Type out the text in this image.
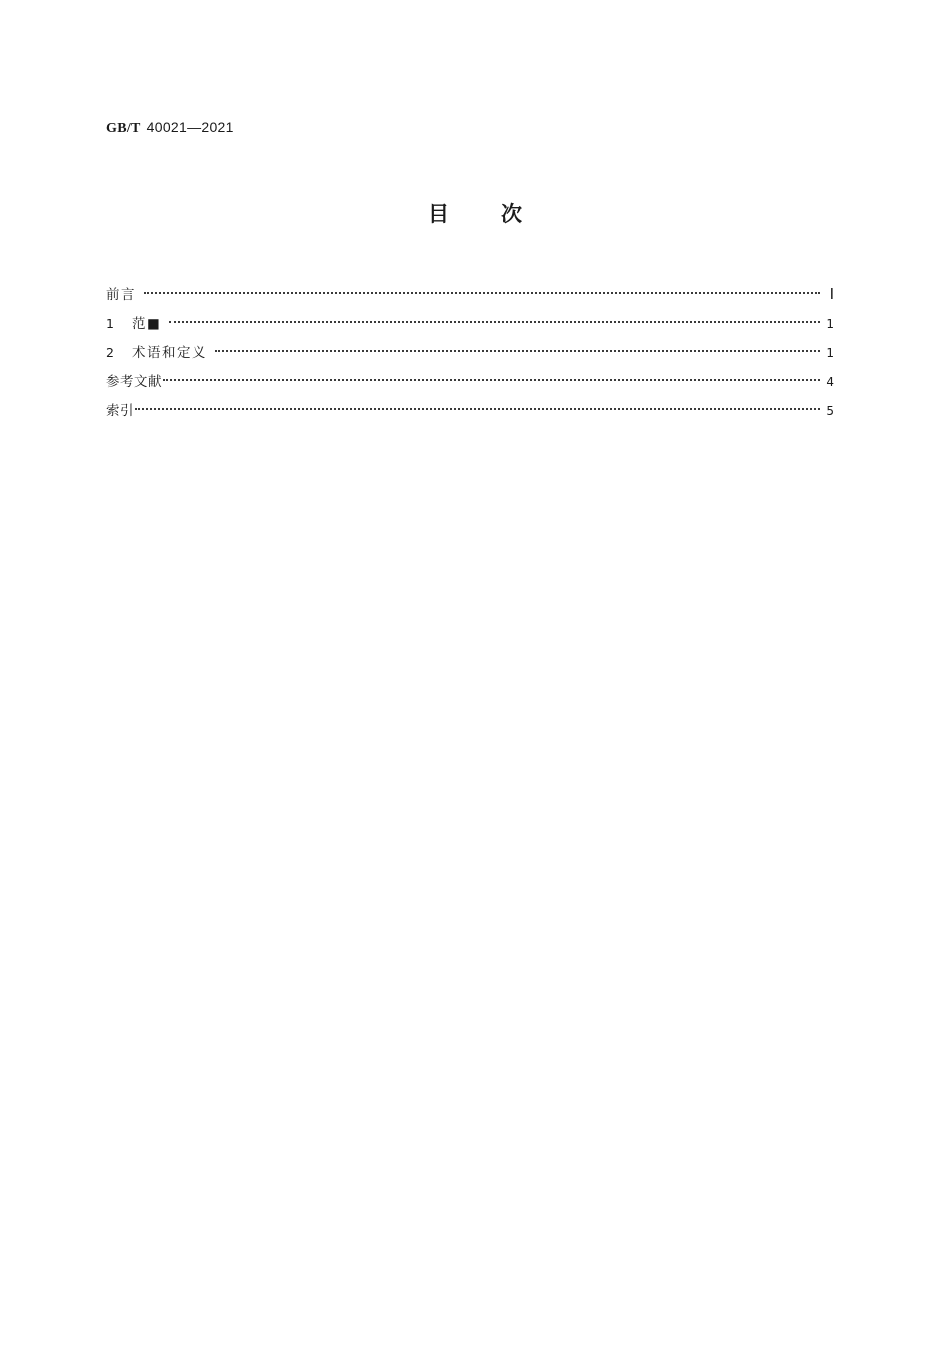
GB/T 40021—2021
目 次
前言	Ⅰ
1	范■	1
2	术语和定义	1
参考文献	4
索引	5
